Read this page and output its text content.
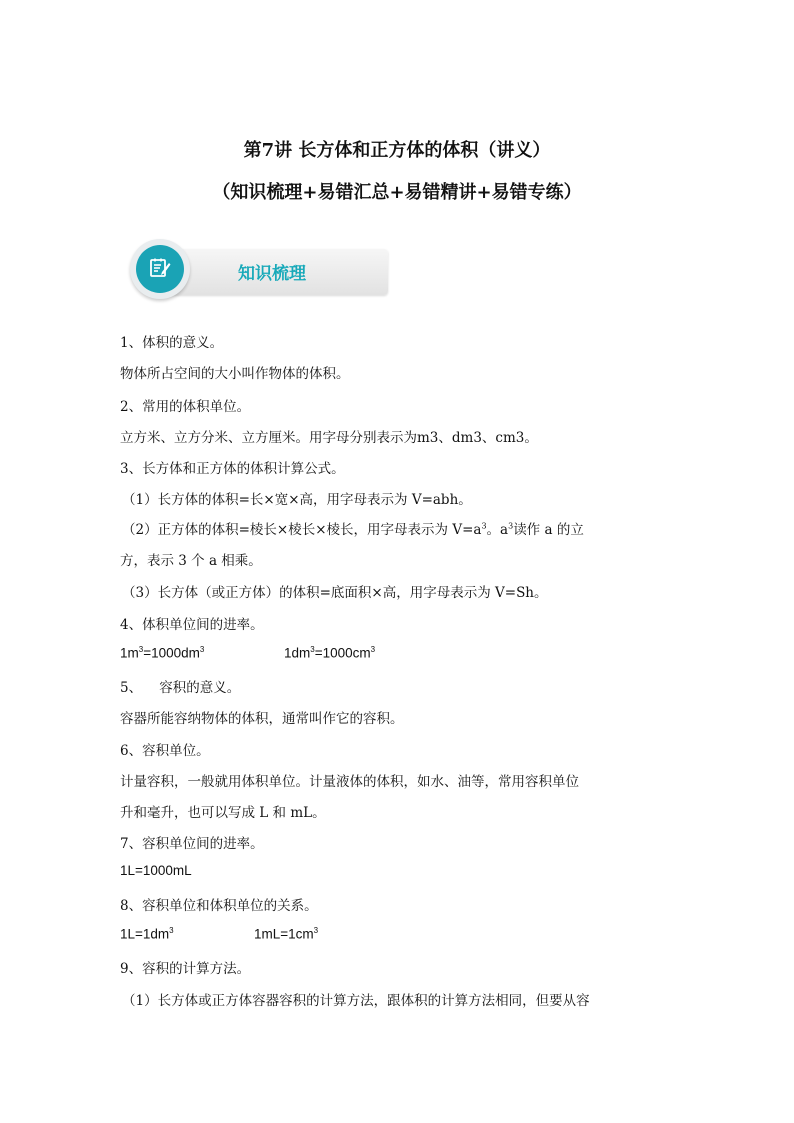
第7讲 长方体和正方体的体积（讲义）
（知识梳理+易错汇总+易错精讲+易错专练）
知识梳理
1、体积的意义。
物体所占空间的大小叫作物体的体积。
2、常用的体积单位。
立方米、立方分米、立方厘米。用字母分别表示为m3、dm3、cm3。
3、长方体和正方体的体积计算公式。
（1）长方体的体积=长×宽×高，用字母表示为 V=abh。
（2）正方体的体积=棱长×棱长×棱长，用字母表示为 $V=a^3$。$a^3$读作 a 的立
方，表示 3 个 a 相乘。
（3）长方体（或正方体）的体积=底面积×高，用字母表示为 V=Sh。
4、体积单位间的进率。
$1m^3=1000dm^3$	$1dm^3=1000cm^3$
5、    容积的意义。
容器所能容纳物体的体积，通常叫作它的容积。
6、容积单位。
计量容积，一般就用体积单位。计量液体的体积，如水、油等，常用容积单位
升和毫升，也可以写成 L 和 mL。
7、容积单位间的进率。
1L=1000mL
8、容积单位和体积单位的关系。
$1L=1dm^3$	$1mL=1cm^3$
9、容积的计算方法。
（1）长方体或正方体容器容积的计算方法，跟体积的计算方法相同，但要从容
